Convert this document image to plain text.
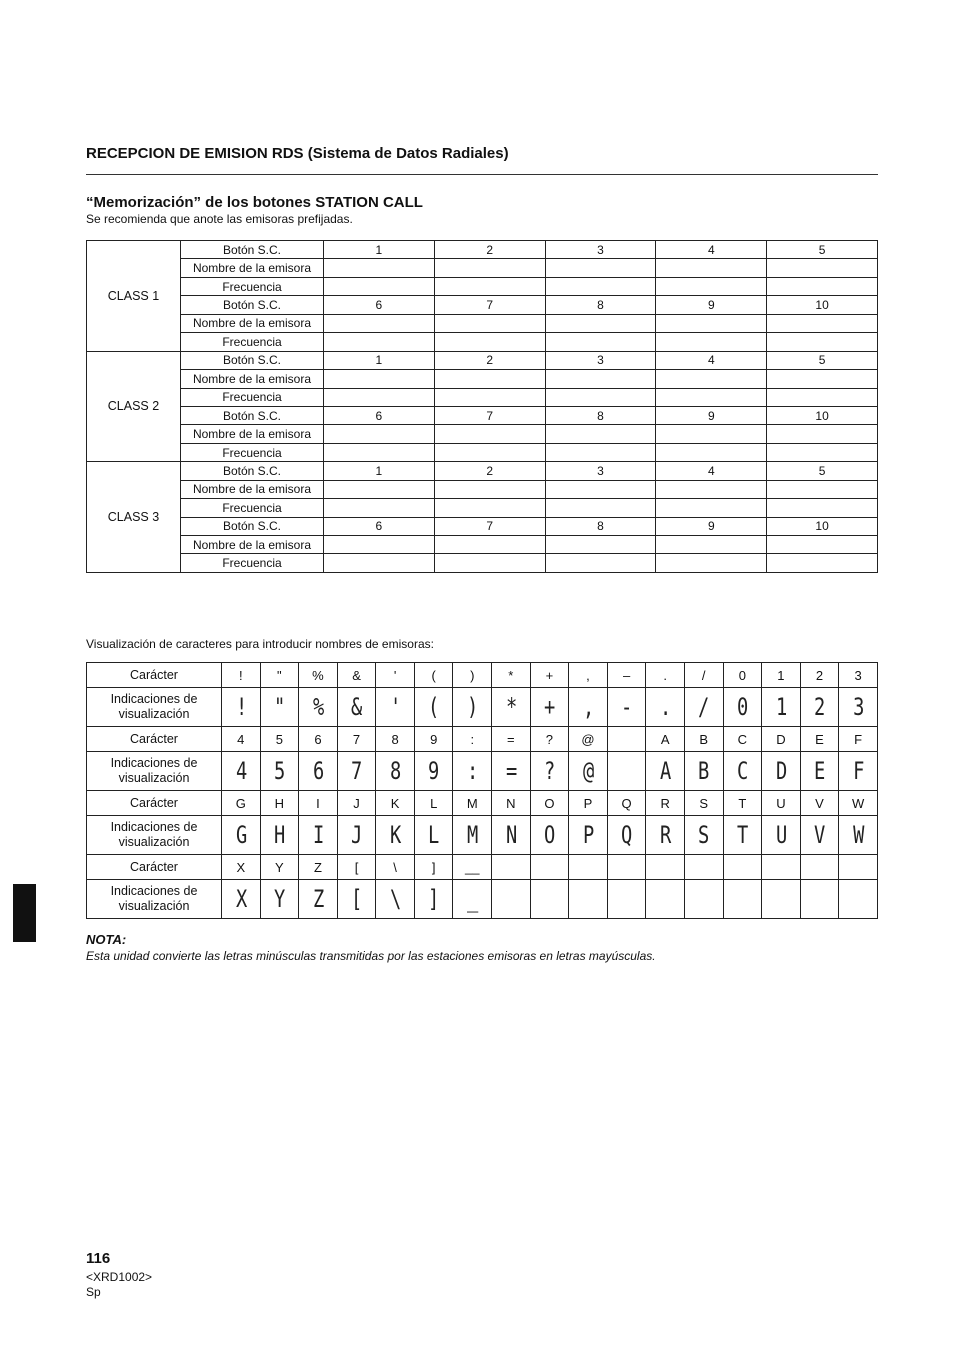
RECEPCION DE EMISION RDS (Sistema de Datos Radiales)
“Memorización” de los botones STATION CALL
Se recomienda que anote las emisoras prefijadas.
CLASS 1	Botón S.C.	1	2	3	4	5
	Nombre de la emisora					
	Frecuencia					
	Botón S.C.	6	7	8	9	10
	Nombre de la emisora					
	Frecuencia					
CLASS 2	Botón S.C.	1	2	3	4	5
	Nombre de la emisora					
	Frecuencia					
	Botón S.C.	6	7	8	9	10
	Nombre de la emisora					
	Frecuencia					
CLASS 3	Botón S.C.	1	2	3	4	5
	Nombre de la emisora					
	Frecuencia					
	Botón S.C.	6	7	8	9	10
	Nombre de la emisora					
	Frecuencia					
Visualización de caracteres para introducir nombres de emisoras:
Carácter	!	"	%	&	'	(	)	*	+	,	–	.	/	0	1	2	3

Indicaciones de
visualización	!	"	%	&	'	(	)	*	+	,	-	.	/	0	1	2	3
Carácter	4	5	6	7	8	9	:	=	?	@		A	B	C	D	E	F

Indicaciones de
visualización	4	5	6	7	8	9	:	=	?	@		A	B	C	D	E	F
Carácter	G	H	I	J	K	L	M	N	O	P	Q	R	S	T	U	V	W

Indicaciones de
visualización	G	H	I	J	K	L	M	N	O	P	Q	R	S	T	U	V	W
Carácter	X	Y	Z	[	\	]	__										

Indicaciones de
visualización	X	Y	Z	[	\	]	_										
NOTA:
Esta unidad convierte las letras minúsculas transmitidas por las estaciones emisoras en letras mayúsculas.
116
<XRD1002>
Sp
